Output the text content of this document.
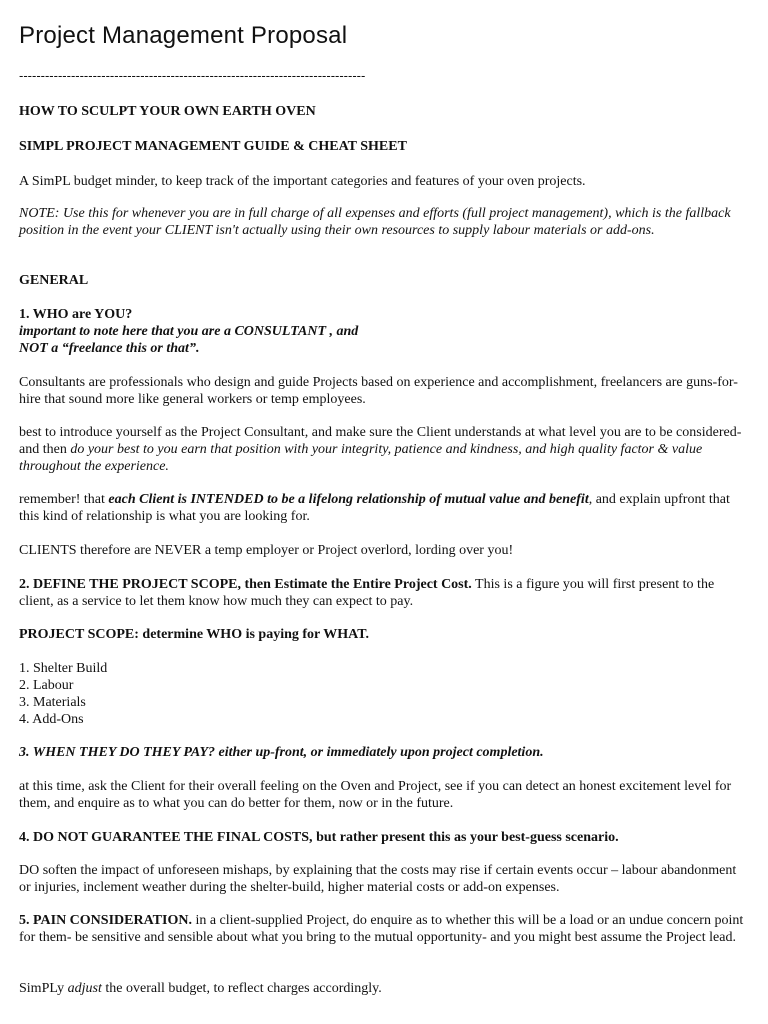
Project Management Proposal
--------------------------------------------------------------------------------

HOW TO SCULPT YOUR OWN EARTH OVEN

SIMPL PROJECT MANAGEMENT GUIDE & CHEAT SHEET

A SimPL budget minder, to keep track of the important categories and features of your oven projects.

NOTE: Use this for whenever you are in full charge of all expenses and efforts (full project management), which is the fallback position in the event your CLIENT isn't actually using their own resources to supply labour materials or add-ons.

GENERAL

1. WHO are YOU?

important to note here that you are a CONSULTANT , and

NOT a “freelance this or that”.

Consultants are professionals who design and guide Projects based on experience and accomplishment, freelancers are guns-for-hire that sound more like general workers or temp employees.

best to introduce yourself as the Project Consultant, and make sure the Client understands at what level you are to be considered- and then do your best to you earn that position with your integrity, patience and kindness, and high quality factor & value throughout the experience.

remember! that each Client is INTENDED to be a lifelong relationship of mutual value and benefit, and explain upfront that this kind of relationship is what you are looking for.

CLIENTS therefore are NEVER a temp employer or Project overlord, lording over you!

2. DEFINE THE PROJECT SCOPE, then Estimate the Entire Project Cost. This is a figure you will first present to the client, as a service to let them know how much they can expect to pay.

PROJECT SCOPE: determine WHO is paying for WHAT.

1. Shelter Build
2. Labour
3. Materials
4. Add-Ons

3. WHEN THEY DO THEY PAY? either up-front, or immediately upon project completion.

at this time, ask the Client for their overall feeling on the Oven and Project, see if you can detect an honest excitement level for them, and enquire as to what you can do better for them, now or in the future.

4. DO NOT GUARANTEE THE FINAL COSTS, but rather present this as your best-guess scenario.

DO soften the impact of unforeseen mishaps, by explaining that the costs may rise if certain events occur – labour abandonment or injuries, inclement weather during the shelter-build, higher material costs or add-on expenses.

5. PAIN CONSIDERATION. in a client-supplied Project, do enquire as to whether this will be a load or an undue concern point for them- be sensitive and sensible about what you bring to the mutual opportunity- and you might best assume the Project lead.

SimPLy adjust the overall budget, to reflect charges accordingly.
